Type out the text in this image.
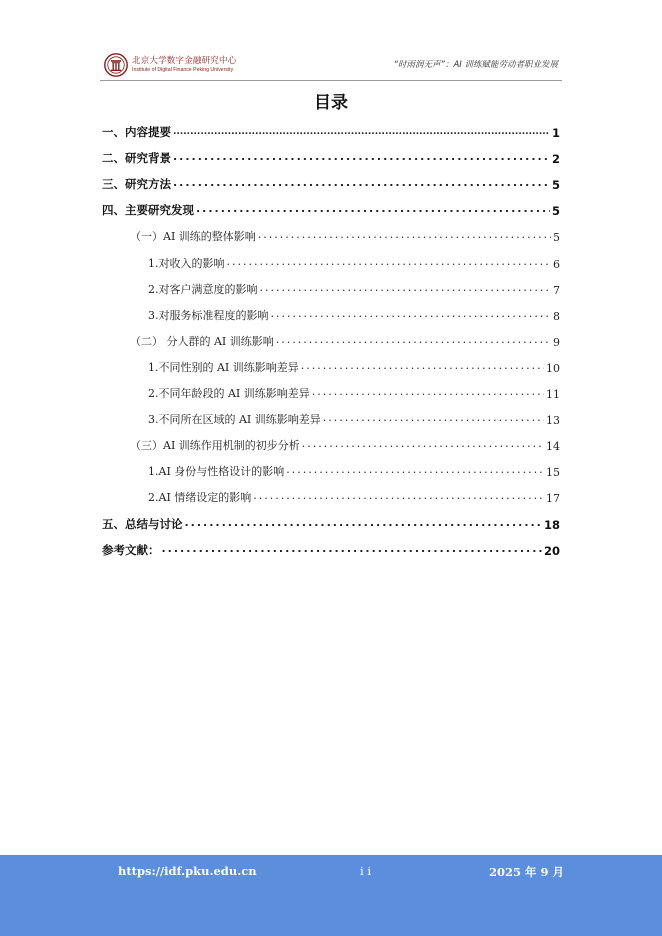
北京大学数字金融研究中心
Institute of Digital Finance Peking University
“时雨润无声”：AI 训练赋能劳动者职业发展
目录
一、内容提要 .....	1
二、研究背景 .....	2
三、研究方法 .....	5
四、主要研究发现 .....	5
（一）AI 训练的整体影响 .....	5
1.对收入的影响 .....	6
2.对客户满意度的影响 .....	7
3.对服务标准程度的影响 .....	8
（二） 分人群的 AI 训练影响 .....	9
1.不同性别的 AI 训练影响差异 .....	10
2.不同年龄段的 AI 训练影响差异 .....	11
3.不同所在区域的 AI 训练影响差异 .....	13
（三）AI 训练作用机制的初步分析 .....	14
1.AI 身份与性格设计的影响 .....	15
2.AI 情绪设定的影响 .....	17
五、总结与讨论 .....	18
参考文献： .....	20
https://idf.pku.edu.cn	i i	2025 年 9 月
